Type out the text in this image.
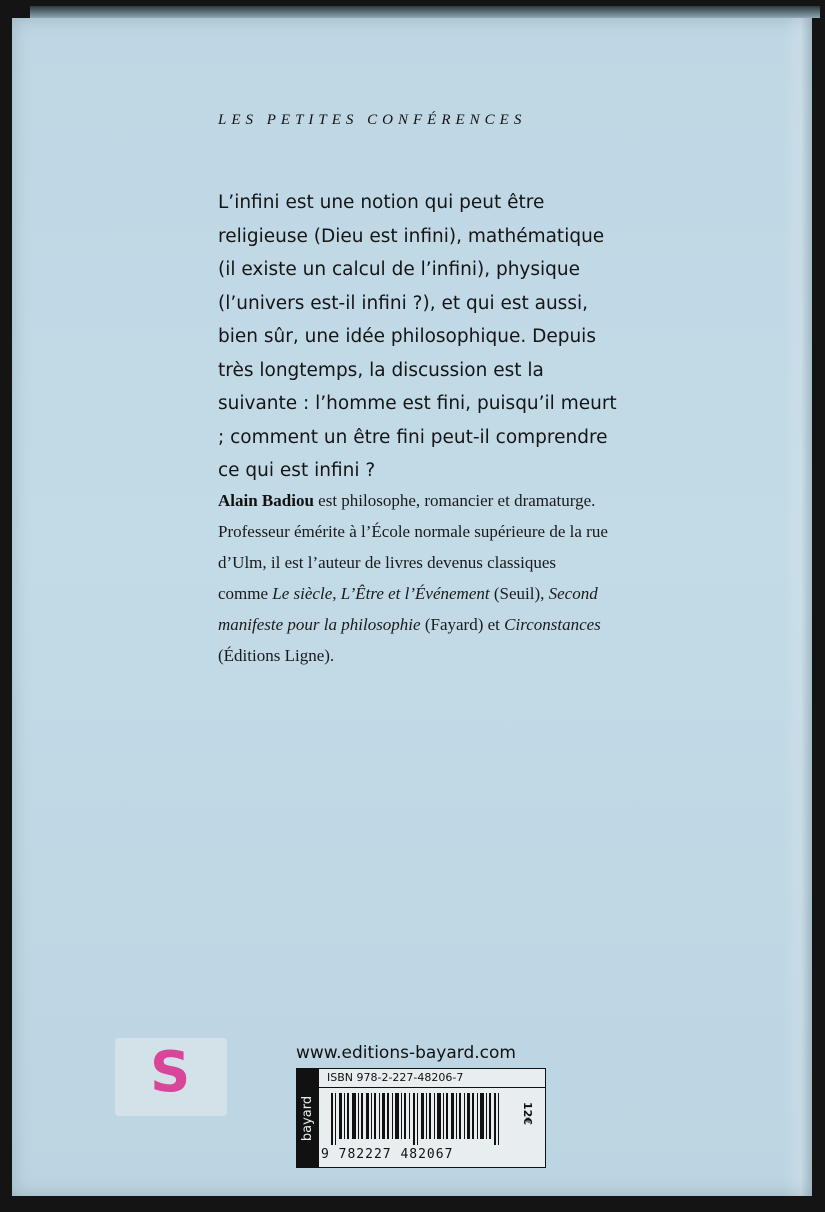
LES PETITES CONFÉRENCES

L’infini est une notion qui peut être religieuse (Dieu est infini), mathématique (il existe un calcul de l’infini), physique (l’univers est-il infini ?), et qui est aussi, bien sûr, une idée philosophique. Depuis très longtemps, la discussion est la suivante : l’homme est fini, puisqu’il meurt ; comment un être fini peut-il comprendre ce qui est infini ?

Alain Badiou est philosophe, romancier et dramaturge. Professeur émérite à l’École normale supérieure de la rue d’Ulm, il est l’auteur de livres devenus classiques comme Le siècle, L’Être et l’Événement (Seuil), Second manifeste pour la philosophie (Fayard) et Circonstances (Éditions Ligne).

S	www.editions-bayard.com
bayard
ISBN 978-2-227-48206-7
9 782227 482067
12€
